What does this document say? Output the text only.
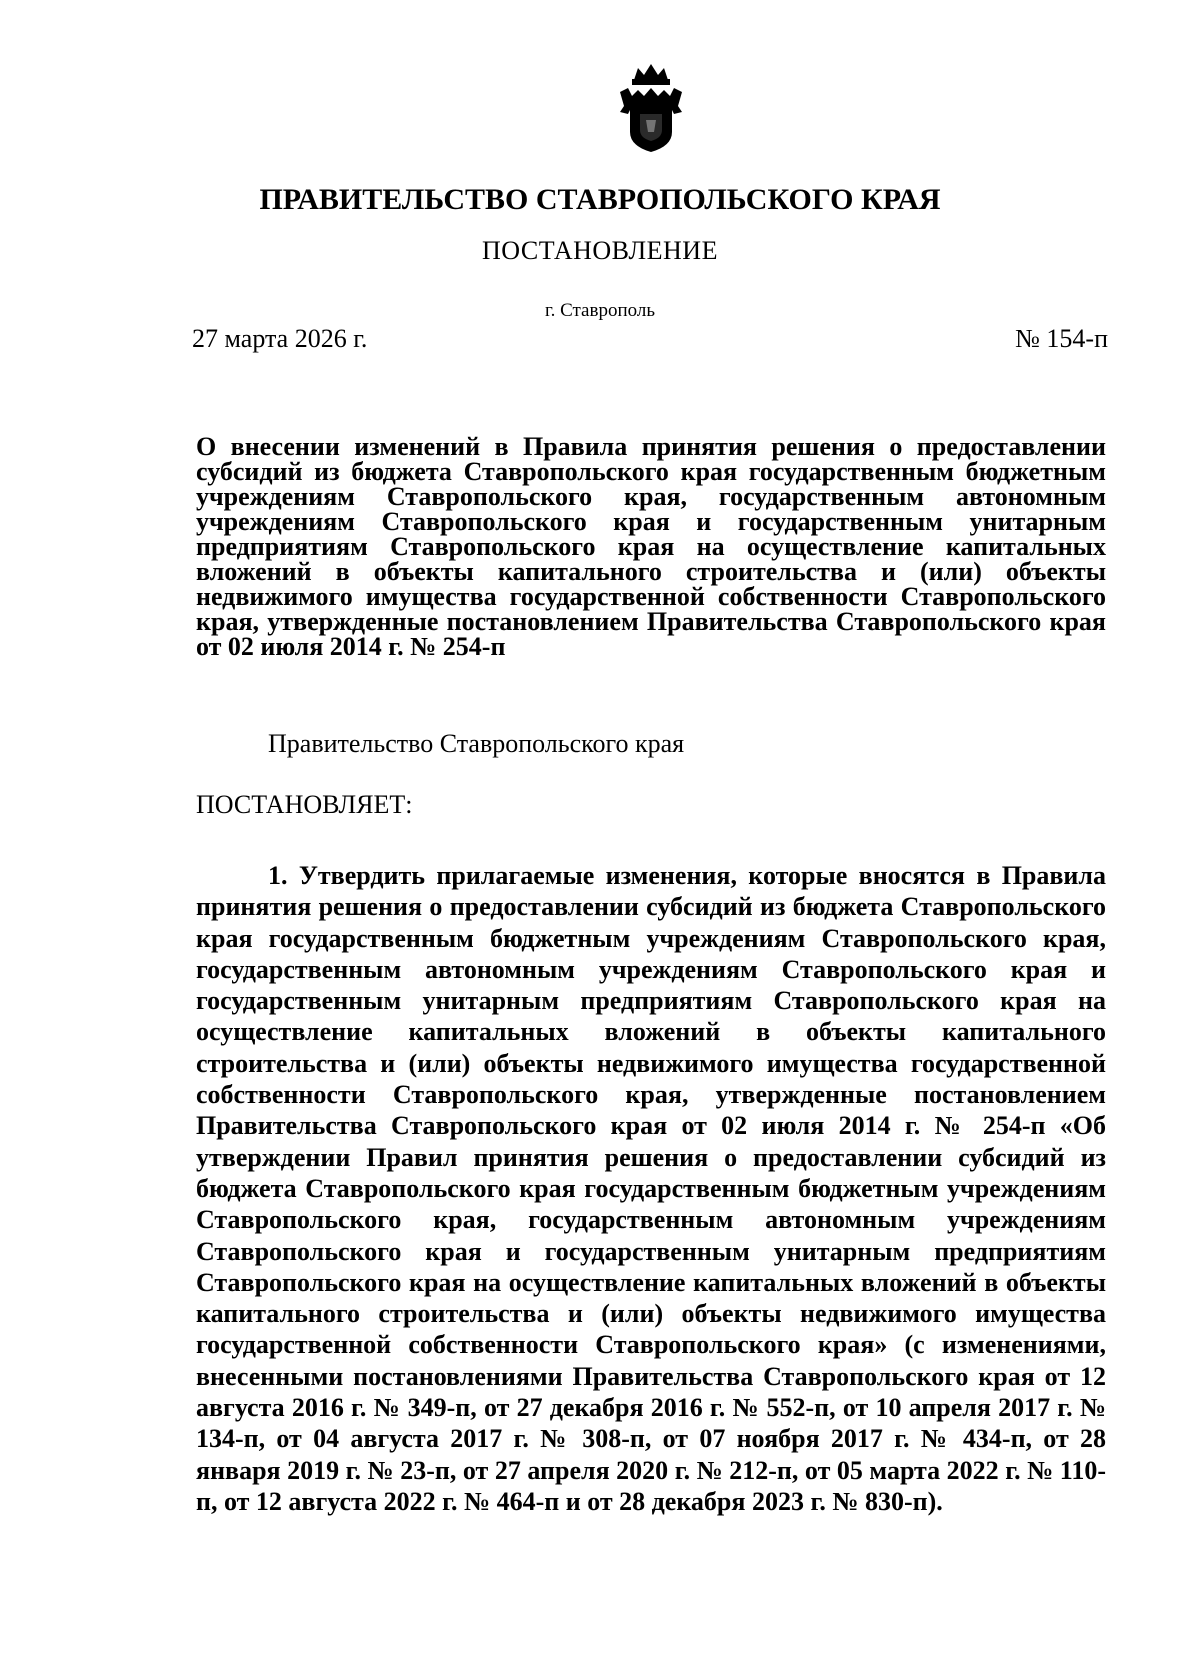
ПРАВИТЕЛЬСТВО СТАВРОПОЛЬСКОГО КРАЯ
ПОСТАНОВЛЕНИЕ
г. Ставрополь
27 марта 2026 г.	№ 154-п
О внесении изменений в Правила принятия решения о предоставлении субсидий из бюджета Ставропольского края государственным бюджетным учреждениям Ставропольского края, государственным автономным учреждениям Ставропольского края и государственным унитарным предприятиям Ставропольского края на осуществление капитальных вложений в объекты капитального строительства и (или) объекты недвижимого имущества государственной собственности Ставропольского края, утвержденные постановлением Правительства Ставропольского края от 02 июля 2014 г. № 254-п
Правительство Ставропольского края
ПОСТАНОВЛЯЕТ:
1. Утвердить прилагаемые изменения, которые вносятся в Правила принятия решения о предоставлении субсидий из бюджета Ставропольского края государственным бюджетным учреждениям Ставропольского края, государственным автономным учреждениям Ставропольского края и государственным унитарным предприятиям Ставропольского края на осуществление капитальных вложений в объекты капитального строительства и (или) объекты недвижимого имущества государственной собственности Ставропольского края, утвержденные постановлением Правительства Ставропольского края от 02 июля 2014 г. № 254-п «Об утверждении Правил принятия решения о предоставлении субсидий из бюджета Ставропольского края государственным бюджетным учреждениям Ставропольского края, государственным автономным учреждениям Ставропольского края и государственным унитарным предприятиям Ставропольского края на осуществление капитальных вложений в объекты капитального строительства и (или) объекты недвижимого имущества государственной собственности Ставропольского края» (с изменениями, внесенными постановлениями Правительства Ставропольского края от 12 августа 2016 г. № 349-п, от 27 декабря 2016 г. № 552-п, от 10 апреля 2017 г. № 134-п, от 04 августа 2017 г. № 308-п, от 07 ноября 2017 г. № 434-п, от 28 января 2019 г. № 23-п, от 27 апреля 2020 г. № 212-п, от 05 марта 2022 г. № 110-п, от 12 августа 2022 г. № 464-п и от 28 декабря 2023 г. № 830-п).
